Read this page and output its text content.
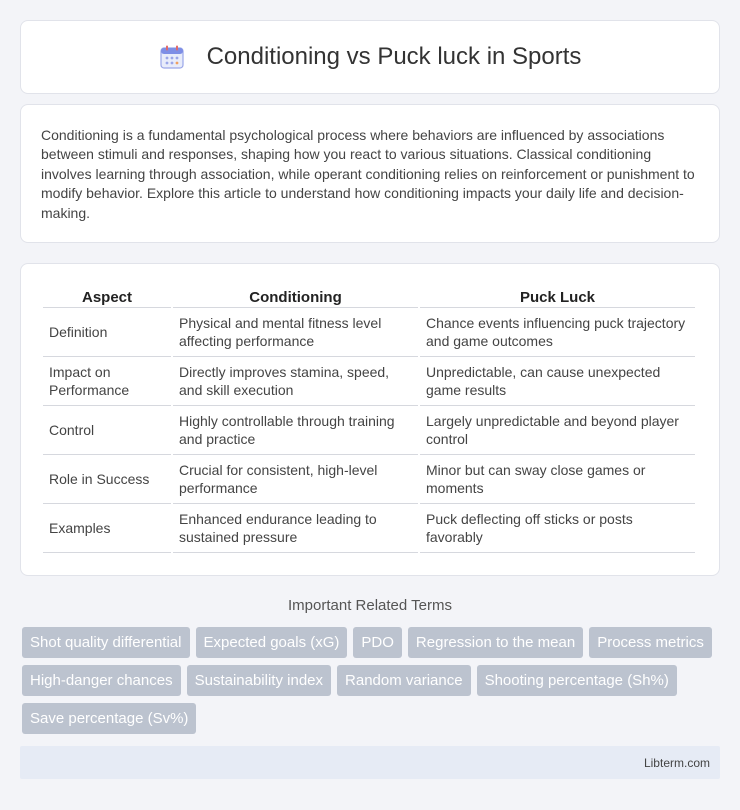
Conditioning vs Puck luck in Sports

Conditioning is a fundamental psychological process where behaviors are influenced by associations between stimuli and responses, shaping how you react to various situations. Classical conditioning involves learning through association, while operant conditioning relies on reinforcement or punishment to modify behavior. Explore this article to understand how conditioning impacts your daily life and decision-making.

Aspect	Conditioning	Puck Luck
Definition	Physical and mental fitness level affecting performance	Chance events influencing puck trajectory and game outcomes
Impact on Performance	Directly improves stamina, speed, and skill execution	Unpredictable, can cause unexpected game results
Control	Highly controllable through training and practice	Largely unpredictable and beyond player control
Role in Success	Crucial for consistent, high-level performance	Minor but can sway close games or moments
Examples	Enhanced endurance leading to sustained pressure	Puck deflecting off sticks or posts favorably
Important Related Terms
Shot quality differential	Expected goals (xG)	PDO	Regression to the mean	Process metrics
High-danger chances	Sustainability index	Random variance	Shooting percentage (Sh%)
Save percentage (Sv%)
Libterm.com
